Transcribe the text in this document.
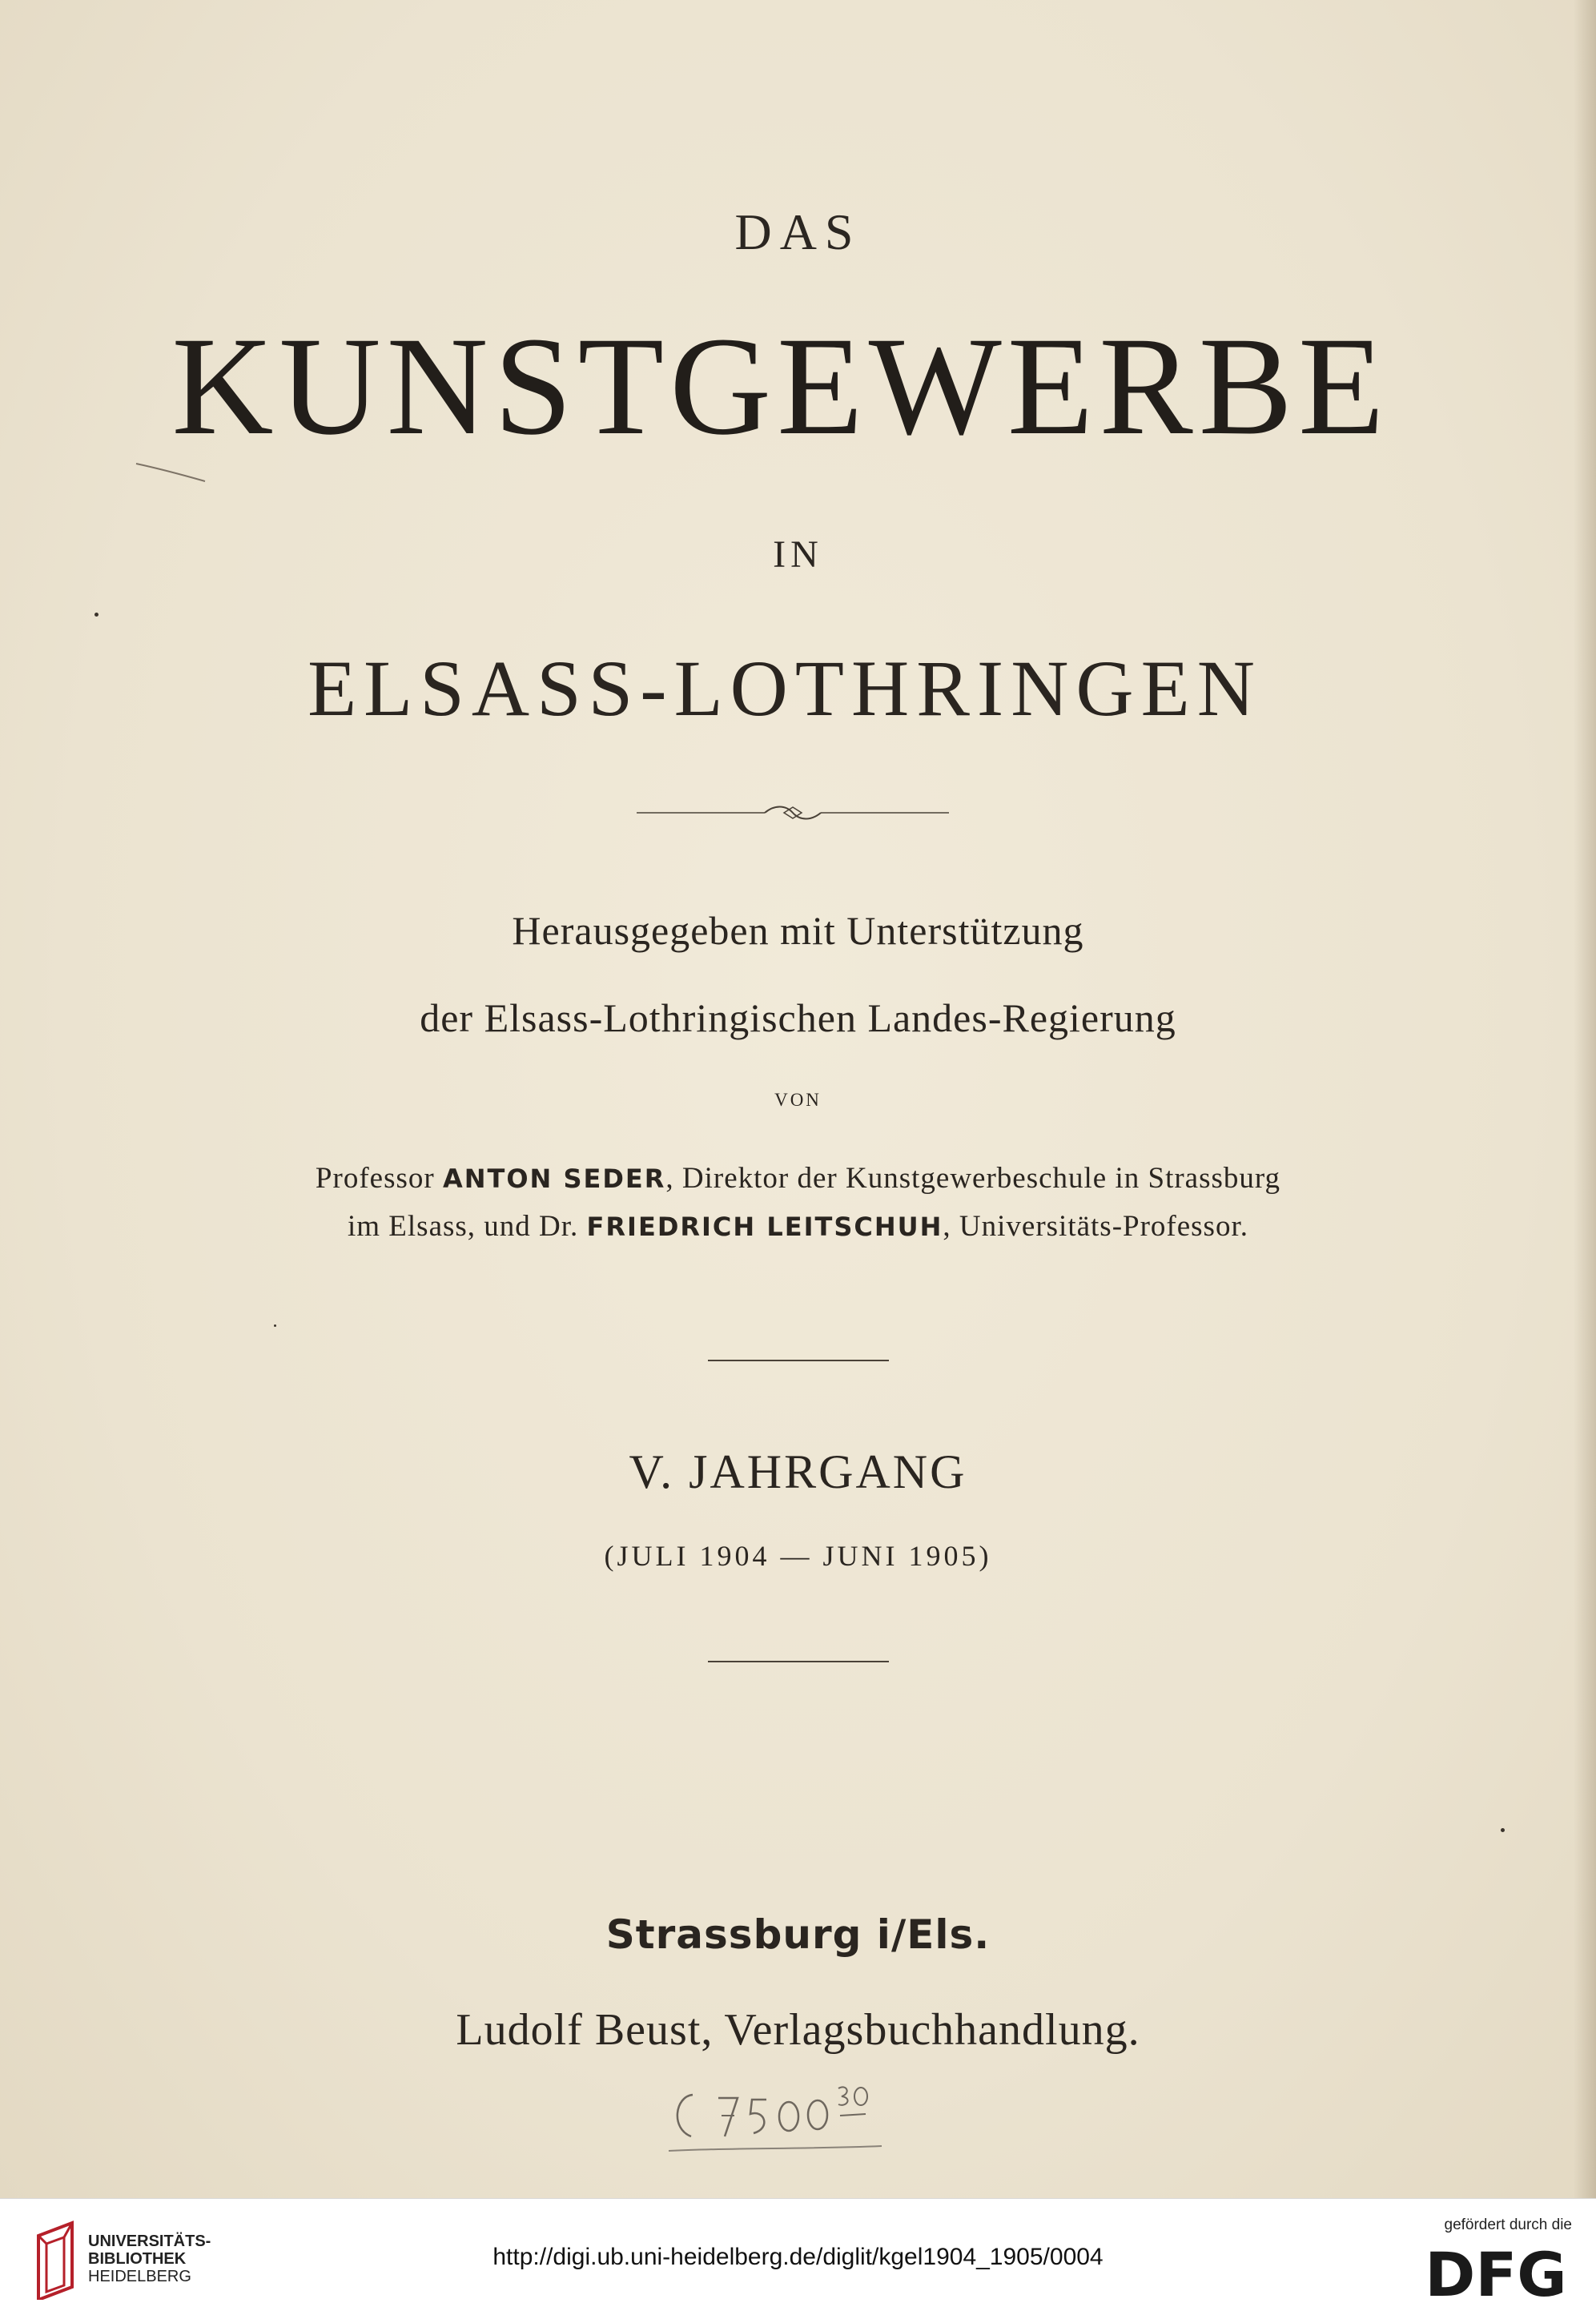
DAS
KUNSTGEWERBE
IN
ELSASS-LOTHRINGEN
Herausgegeben mit Unterstützung
der Elsass-Lothringischen Landes-Regierung
VON
Professor ANTON SEDER, Direktor der Kunstgewerbeschule in Strassburg
im Elsass, und Dr. FRIEDRICH LEITSCHUH, Universitäts-Professor.
V. JAHRGANG
(JULI 1904 — JUNI 1905)
Strassburg i/Els.
Ludolf Beust, Verlagsbuchhandlung.
UNIVERSITÄTS-
BIBLIOTHEK
HEIDELBERG
http://digi.ub.uni-heidelberg.de/diglit/kgel1904_1905/0004
gefördert durch die
DFG
